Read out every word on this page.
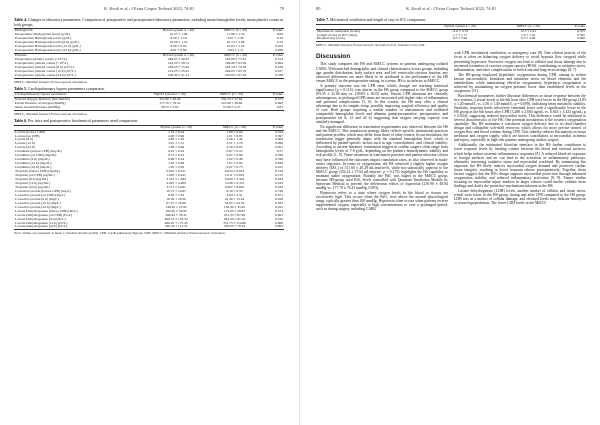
K. Keuli et al.: J Extra Corpor Technol 2023, 74:81	79
Table 4. Changes in laboratory parameters. Comparison of preoperative and postoperative laboratory parameters, including mean hemoglobin levels, mean platelet counts in both groups.
Hemoglobin	Hybrid system n = 20)	MiECC (n = 20)	P value
Preoperative Hemoglobin levels (g/dL)	12.27 ± 1.96	11.99 ± 1.79	0.69
Postoperative Hemoglobin levels (g/dL)	8.56 ± 1.16	9.01 ± 1.40	0.10
Postoperative Hemoglobin levels (6 h) (g/dL)	10.26 ± 1.16	10.74 ± 1.28	0.23
Postoperative Hemoglobin levels (12 h) (g/dL)	9.96 ± 0.94	10.63 ± 1.19	0.050
Postoperative Hemoglobin levels (24 h) (g/dL)	9.01 ± 0.84	9.93 ± 1.11	0.938
Platelets	Hybrid system n = 20)	MiECC (n = 20)	P value
Preoperative platelet counts (×10⁹/L)	269.65 ± 40.67	222.00 ± 75.14	0.514
Postoperative platelet counts (×10⁹/L)	163.50 ± 58.72	199.90 ± 63.59	0.064
Postoperative platelet counts (6 h) (10⁹/L)	238.65 ± 75.62	233.10 ± 70.58	0.476
Postoperative platelet counts (12 h) (10⁹/L)	214.25 ± 45.41	204.05 ± 63.79	0.227
Postoperative platelet counts (24 h) (10⁹/L)	196.30 ± 41.12	216.00 ± 67.18	0.338
MiECC, Minimal Invasive Extracorporeal circulation.
Table 5. Cardiopulmonary bypass parameters comparison.
Cardiopulmonary bypass parameters	Hybrid system n = 20)	MiECC (n = 20)	P value
Internal Oxygen Delivery (mL/min/m²)	311.60 ± 28.29	332.23 ± 57.64	0.275
Partial Pressure of Oxygen (mmHg)	177.70 ± 76.41	210.90 ± 49.84	0.093
Mean Arterial Pressure (mmHg)	58.55 ± 3.97	57.89 ± 4.27	0.61
MiECC, Minimal Invasive Extracorporeal circulation.
Table 6. Pre, intra and postoperative biochemical parameters trend comparison.
	Hybrid system n = 20)	MiECC (n = 20)	P value
Lactate (before CPB)	1.54 ± 0.54	1.68 ± 0.60	0.324
Lactate (on CPB)	2.00 ± 0.90	2.01 ± 0.85	0.597
Lactate (6 h)	2.85 ± 1.20	4.56 ± 1.40	0.009
Lactate (12 h)	3.01 ± 1.51	3.51 ± 1.76	0.090
Lactate (24 h)	1.96 ± 0.68	2.50 ± 0.93	0.051
Creatinine (before CPB) (mg/dL)	0.91 ± 0.24	0.87 ± 0.22	0.57
Creatinine (on CPB) (mg/dL)	0.75 ± 0.25	0.87 ± 0.80	0.768
Creatinine (6 h) (mg/dL)	0.99 ± 0.34	1.02 ± 0.48	0.768
Creatinine (12 h) (mg/dL)	1.02 ± 0.48	1.07 ± 0.85	0.836
Creatinine (24 h) (mg/dL)	1.05 ± 0.50	0.97 ± 0.75	0.221
Troponin (before CPB) (ng/mL)	0.021 ± 0.011	0.023 ± 0.012	0.756
Troponin (on CPB) (ng/mL)	1.005 ± 0.445	1.011 ± 0.632	0.153
Troponin (6 h) (ng/mL)	3.412 ± 1.584	3.845 ± 3.422	0.024
Troponin (12 h) (ng/mL)	4.007 ± 4.409	5.248 ± 6.351	0.243
Troponin (24 h) (ng/mL)	3.711 ± 5.091	4.067 ± 6.822	0.433
C-reactive protein (before CPB) (mg/L)	10.75 ± 14.65	8.50 ± 6.50	0.728
C-reactive protein (on CPB) (mg/L)	6.82 ± 7.42	4.84 ± 4.31	0.871
C-reactive protein (6 h) (mg/L)	16.59 ± 18.30	22.30 ± 15.44	0.058
C-reactive protein (12 h) (mg/L)	67.27 ± 25.06	52.65 ± 24.76	0.352
C-reactive protein (24 h) (mg/L)	140.95 ± 23.95	130.30 ± 45.95	0.291
Lactate Dehydrogenase (before CPB) (IU/L)	182.05 ± 32.82	175.65 ± 28.07	0.574
Lactate Dehydrogenase (on CPB) (IU/L)	286.42 ± 78.31	231.35 ± 87.09	0.061
Lactate Dehydrogenase (6 h) (IU/L)	406.73 ± 178.54	282.20 ± 81.02	0.010
Lactate Dehydrogenase (12 h) (IU/L)	480.45 ± 175.45	351.75 ± 114.80	0.006
Lactate Dehydrogenase (24 h) (IU/L)	430.50 ± 112.51	339.95 ± 78.19	0.005
Note: Values are presented as mean ± standard deviation (SD). CPB, Cardiopulmonary Bypass; CPB, MiECC, Minimal Invasive Extracorporeal circulation.
80	K. Keuli et al.: J Extra Corpor Technol 2023, 74:81
Table 7. Mechanical ventilation and length of stay in ICU comparison.
	Hybrid system n = 20)	MiECC (n = 20)	P value
Mechanical ventilation (hours)	11.6 ± 3.79	12.5 ± 2.41	0.555
Length of stay in ICU (days)	1.7 ± 1.17	1.9 ± 1.16	0.592
Hospital stay (days)	8.5 ± 3.96	8.5 ± 2.09	0.690
MiECC, Minimal Invasive Extracorporeal circulation; ICU, Intensive Care Unit.
Discussion

This study compares the HS and MiECC systems in patients undergoing isolated CABG. With matched demographic and clinical characteristics across groups, including age, gender distribution, body surface area, and left ventricular ejection fraction, any observed differences are more likely to be attributed to the performance of the HS versus MiECC in the perioperative setting; in a sense, HS is no inferior to MiECC.

A primary outcome was the CPB time, which, though not reaching statistical significance (p = 0.114), was shorter in the HS group compared to the MiECC group (93.55 ± 31.06 min vs. 109.65 ± 30.02 min). Shorter CPB durations are clinically advantageous, as prolonged CPB times are associated with higher risks of inflammation and potential complications [3, 6]. In this context, the HS may offer a clinical advantage due to its simpler setup, possibly improving surgical efficiency and quality of care. Both groups requiring a similar number of anastomoses and exhibited comparable hemoglobin levels and albumin pump-preoperative, perioperative, and postoperative (at 6, 12 and 24 h) suggesting that oxygen carrying capacity was similarly managed.

No significant difference in transfusion requirements was observed between the HS and the MiECC. This transfusion strategy likely reflects specific institutional practices and patient profiles, which may differ from those of other centers. In our institution, the transfusion trigger generally aligns with the standard hemoglobin level, which is influenced by patient-specific factors such as age, comorbidities, and clinical stability. According to current literature, transfusion triggers in cardiac surgery often range from hemoglobin levels of 7-8 g/dL, depending on the patient's hemodynamic stability and risk profile [1, 5]. These variations in transfusion practices and patient selection criteria may have influenced the outcomes impact transfusion rates, as also observed in multi-center registries. In terms of oxygenation, the HS achieved a slightly higher oxygen delivery (DO₂) of 311.60 ± 28.29 mL/min/m²/h, while not statistically superior to the MiECC group (332.23 ± 57.64 mL/min/m², p = 0.275), highlights the HS capability to maintain stable oxygenation. Notably, the Pa0₂ was higher in the MiECC group, because HS-group used Pa0₂ levels controlled with Quantum Ventilation Module by Spectrum Medical to prevent the deleterious effects of hyperoxia (210.90 ± 49.84 mmHg vs. 177.70 ± 76.41 mmHg, 0.093).

Hyperoxia refers to a state where oxygen levels in the blood or tissues are excessively high. This occurs when the PaO₂ rises above the normal physiological range, typically greater than 100 mmHg. Hyperoxia often occurs when patients receive supplemental oxygen, especially at high concentrations or over a prolonged period, such as during surgery including CABG

with CPB, mechanical ventilation, or emergency care [8]. One clinical priority of the focus is often on balancing oxygen delivery to avoid hypoxia (low oxygen) while preventing hyperoxia. Excessive oxygen can lead to cellular and tissue damage due to increased formation of reactive oxygen species (ROS), contributing to oxidative stress, inflammation, and other complications in both acute and long-term settings [8, 7].

The HS-group employed hyperbaric oxygenation during CPB, aiming to reduce known microembolic formation and minimize stress on blood elements and the endothelium, while maintaining effective oxygenation; hyperbaric oxygenation is achieved by maintaining an oxygen pressure lower than established levels in the oxygenator [11].

Biochemical parameters further illustrate differences in tissue response between the two systems. Lactate levels at the 6th hour after CPB were lower in the HS-group (2.85 ± 1.20 mmol/L vs. 4.56 ± 1.40 mmol/L; p = 0.009), indicating better metabolic stability. Similarly, troponin levels selectively remained lower with a significantly lower in the HS group at the 6th hours after CPB (3.288 ± 2.684 ng/mL vs. 6.843 ± 3.423 ng/mL; p = 0.024), suggesting reduced myocardial stress. This difference could be attributed to several characteristics of the HS. One potential mechanism is the system's oxygenation capability. The HS maintains a consistent oxygen delivery due to its dual-chamber design and collapsible soft-shell reservoir, which allows for more precise control of oxygen flow and blood volume during CPB. This stability reduces fluctuations in tissue perfusion and oxygen supply, which are known contributors to myocardial ischemia and injury, especially in high-risk patients undergoing cardiac surgery.

Additionally, the minimized blood-air interface in the HS further contributes to lower troponin levels by limiting contact between the blood and external surfaces, which helps reduce systemic inflammatory responses [8]. A reduced blood-air exposure to foreign surfaces and air can lead to the activation of inflammatory pathways, ultimately increasing oxidative stress and myocardial workload. By minimizing this exposure, the HS likely reduces myocardial oxygen demand and preserves cardiac tissue integrity, resulting in lower troponin release postoperatively. Together, these factors suggest that the HS's design supports myocardial protection through enhanced oxygenation stability and reduced inflammatory activation [8, 9]. Future studies focusing on myocardial injury markers in larger cohorts could further validate these findings and clarify the protective mechanisms inherent in the HS.

Lactate dehydrogenase (LDH) levels, another marker of cellular and tissue stress, which were lower in the HS-group, during and after CPB compared to the HS group. LDH acts as a marker of cellular damage, and elevated levels may indicate hemolysis or tissue hypoperfusion. The lower LDH levels in the MiECC
